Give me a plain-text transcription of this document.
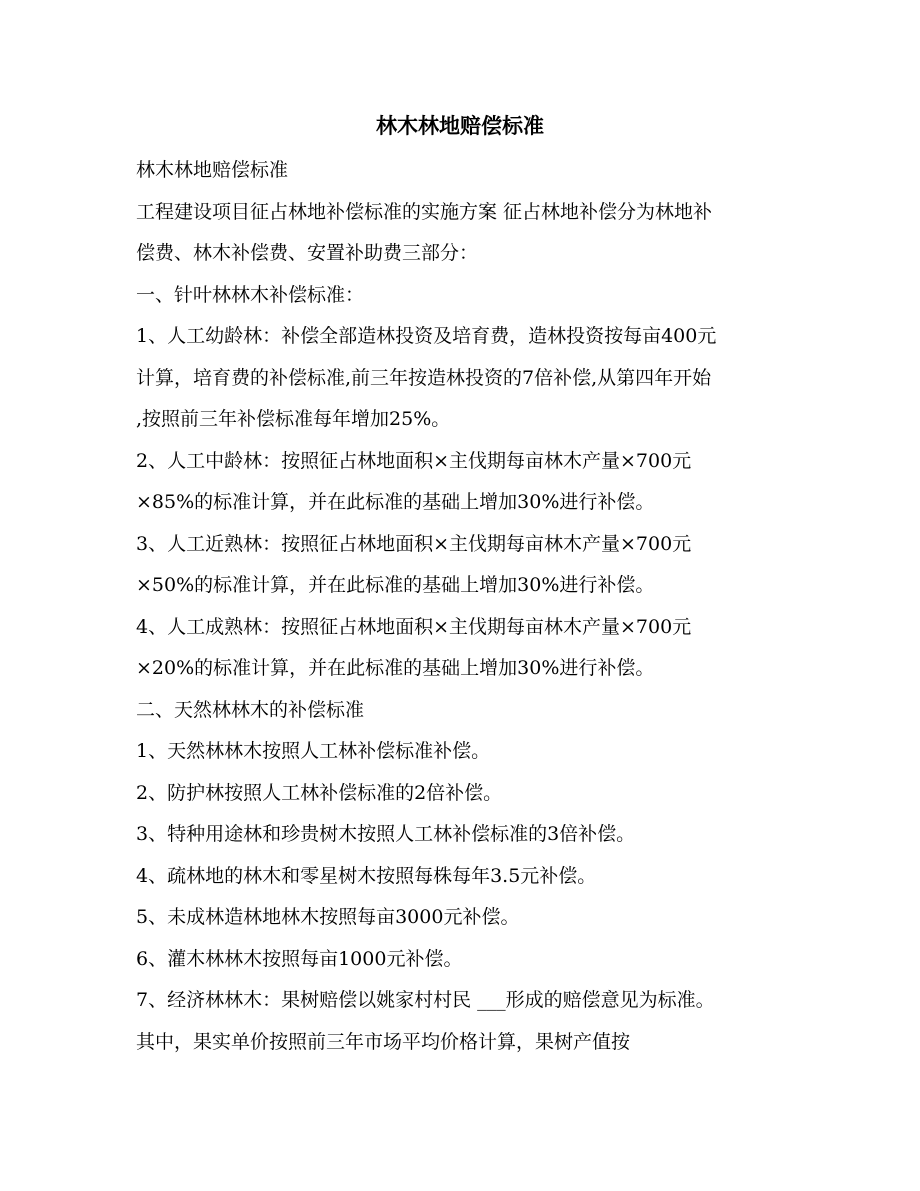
林木林地赔偿标准
林木林地赔偿标准
工程建设项目征占林地补偿标准的实施方案 征占林地补偿分为林地补
偿费、林木补偿费、安置补助费三部分：
一、针叶林林木补偿标准：
1、人工幼龄林：补偿全部造林投资及培育费，造林投资按每亩400元
计算，培育费的补偿标准,前三年按造林投资的7倍补偿,从第四年开始
,按照前三年补偿标准每年增加25%。
2、人工中龄林：按照征占林地面积×主伐期每亩林木产量×700元
×85%的标准计算，并在此标准的基础上增加30%进行补偿。
3、人工近熟林：按照征占林地面积×主伐期每亩林木产量×700元
×50%的标准计算，并在此标准的基础上增加30%进行补偿。
4、人工成熟林：按照征占林地面积×主伐期每亩林木产量×700元
×20%的标准计算，并在此标准的基础上增加30%进行补偿。
二、天然林林木的补偿标准
1、天然林林木按照人工林补偿标准补偿。
2、防护林按照人工林补偿标准的2倍补偿。
3、特种用途林和珍贵树木按照人工林补偿标准的3倍补偿。
4、疏林地的林木和零星树木按照每株每年3.5元补偿。
5、未成林造林地林木按照每亩3000元补偿。
6、灌木林林木按照每亩1000元补偿。
7、经济林林木：果树赔偿以姚家村村民 ___形成的赔偿意见为标准。
其中，果实单价按照前三年市场平均价格计算，果树产值按
